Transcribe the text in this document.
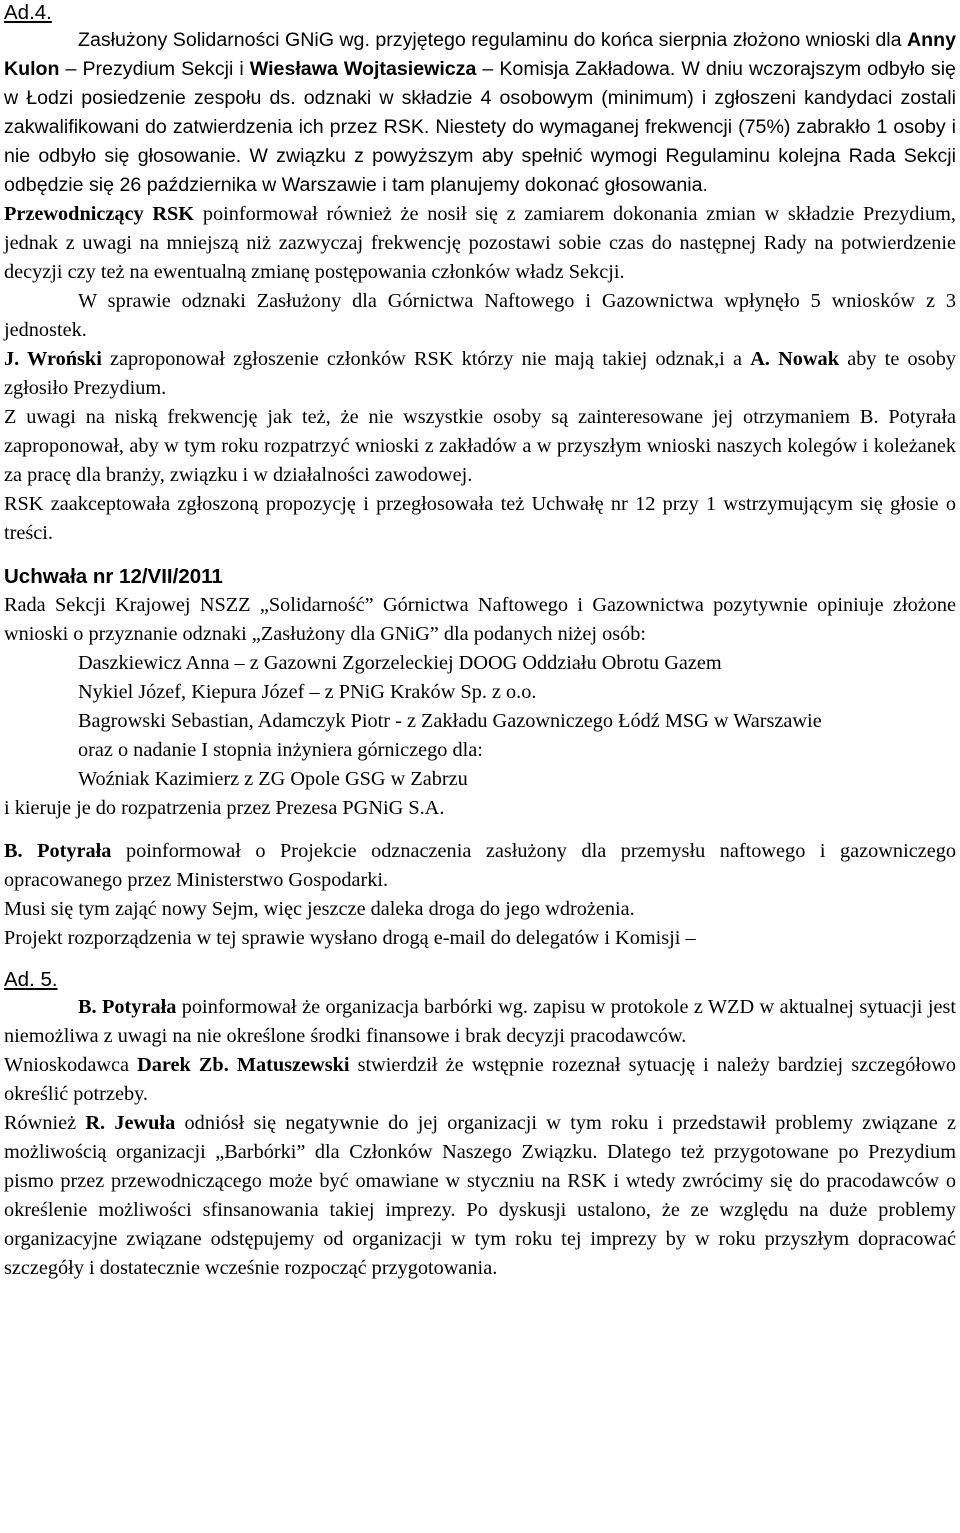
Ad.4.

Zasłużony Solidarności GNiG wg. przyjętego regulaminu do końca sierpnia złożono wnioski dla Anny Kulon – Prezydium Sekcji i Wiesława Wojtasiewicza – Komisja Zakładowa. W dniu wczorajszym odbyło się w Łodzi posiedzenie zespołu ds. odznaki w składzie 4 osobowym (minimum) i zgłoszeni kandydaci zostali zakwalifikowani do zatwierdzenia ich przez RSK. Niestety do wymaganej frekwencji (75%) zabrakło 1 osoby i nie odbyło się głosowanie. W związku z powyższym aby spełnić wymogi Regulaminu kolejna Rada Sekcji odbędzie się 26 października w Warszawie i tam planujemy dokonać głosowania.

Przewodniczący RSK poinformował również że nosił się z zamiarem dokonania zmian w składzie Prezydium, jednak z uwagi na mniejszą niż zazwyczaj frekwencję pozostawi sobie czas do następnej Rady na potwierdzenie decyzji czy też na ewentualną zmianę postępowania członków władz Sekcji.

W sprawie odznaki Zasłużony dla Górnictwa Naftowego i Gazownictwa wpłynęło 5 wniosków z 3 jednostek.

J. Wroński zaproponował zgłoszenie członków RSK którzy nie mają takiej odznak,i a A. Nowak aby te osoby zgłosiło Prezydium.

Z uwagi na niską frekwencję jak też, że nie wszystkie osoby są zainteresowane jej otrzymaniem B. Potyrała zaproponował, aby w tym roku rozpatrzyć wnioski z zakładów a w przyszłym wnioski naszych kolegów i koleżanek za pracę dla branży, związku i w działalności zawodowej.

RSK zaakceptowała zgłoszoną propozycję i przegłosowała też Uchwałę nr 12 przy 1 wstrzymującym się głosie o treści.

Uchwała nr 12/VII/2011

Rada Sekcji Krajowej NSZZ „Solidarność” Górnictwa Naftowego i Gazownictwa pozytywnie opiniuje złożone wnioski o przyznanie odznaki „Zasłużony dla GNiG” dla podanych niżej osób:

Daszkiewicz Anna – z Gazowni Zgorzeleckiej DOOG Oddziału Obrotu Gazem

Nykiel Józef, Kiepura Józef – z PNiG Kraków Sp. z o.o.

Bagrowski Sebastian, Adamczyk Piotr - z Zakładu Gazowniczego Łódź MSG w Warszawie

oraz o nadanie I stopnia inżyniera górniczego dla:

Woźniak Kazimierz z ZG Opole GSG w Zabrzu

i kieruje je do rozpatrzenia przez Prezesa PGNiG S.A.

B. Potyrała poinformował o Projekcie odznaczenia zasłużony dla przemysłu naftowego i gazowniczego opracowanego przez Ministerstwo Gospodarki.

Musi się tym zająć nowy Sejm, więc jeszcze daleka droga do jego wdrożenia.

Projekt rozporządzenia w tej sprawie wysłano drogą e-mail do delegatów i Komisji –

Ad. 5.

B. Potyrała poinformował że organizacja barbórki wg. zapisu w protokole z WZD w aktualnej sytuacji jest niemożliwa z uwagi na nie określone środki finansowe i brak decyzji pracodawców.

Wnioskodawca Darek Zb. Matuszewski stwierdził że wstępnie rozeznał sytuację i należy bardziej szczegółowo określić potrzeby.

Również R. Jewuła odniósł się negatywnie do jej organizacji w tym roku i przedstawił problemy związane z możliwością organizacji „Barbórki” dla Członków Naszego Związku. Dlatego też przygotowane po Prezydium pismo przez przewodniczącego może być omawiane w styczniu na RSK i wtedy zwrócimy się do pracodawców o określenie możliwości sfinsanowania takiej imprezy. Po dyskusji ustalono, że ze względu na duże problemy organizacyjne związane odstępujemy od organizacji w tym roku tej imprezy by w roku przyszłym dopracować szczegóły i dostatecznie wcześnie rozpocząć przygotowania.
